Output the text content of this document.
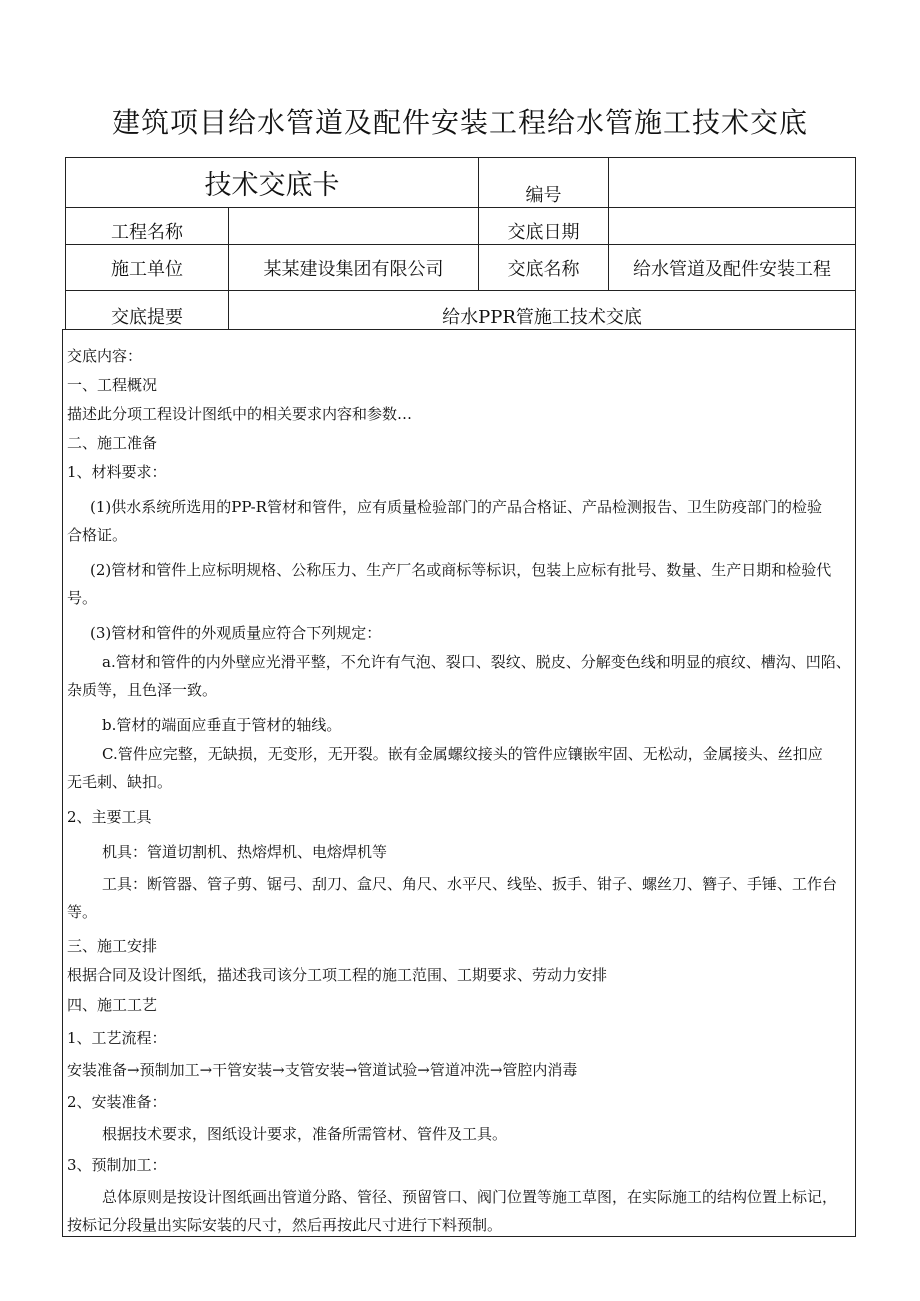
建筑项目给水管道及配件安装工程给水管施工技术交底
技术交底卡		编号	
工程名称		交底日期	
施工单位	某某建设集团有限公司	交底名称	给水管道及配件安装工程
交底提要	给水PPR管施工技术交底		
交底内容：
一、工程概况
描述此分项工程设计图纸中的相关要求内容和参数…
二、施工准备
1、材料要求：
(1)供水系统所选用的PP-R管材和管件，应有质量检验部门的产品合格证、产品检测报告、卫生防疫部门的检验
合格证。
(2)管材和管件上应标明规格、公称压力、生产厂名或商标等标识，包装上应标有批号、数量、生产日期和检验代
号。
(3)管材和管件的外观质量应符合下列规定：
a.管材和管件的内外壁应光滑平整，不允许有气泡、裂口、裂纹、脱皮、分解变色线和明显的痕纹、槽沟、凹陷、
杂质等，且色泽一致。
b.管材的端面应垂直于管材的轴线。
C.管件应完整，无缺损，无变形，无开裂。嵌有金属螺纹接头的管件应镶嵌牢固、无松动，金属接头、丝扣应
无毛刺、缺扣。
2、主要工具
机具：管道切割机、热熔焊机、电熔焊机等
工具：断管器、管子剪、锯弓、刮刀、盒尺、角尺、水平尺、线坠、扳手、钳子、螺丝刀、簪子、手锤、工作台
等。
三、施工安排
根据合同及设计图纸，描述我司该分工项工程的施工范围、工期要求、劳动力安排
四、施工工艺
1、工艺流程：
安装准备→预制加工→干管安装→支管安装→管道试验→管道冲洗→管腔内消毒
2、安装准备：
根据技术要求，图纸设计要求，准备所需管材、管件及工具。
3、预制加工：
总体原则是按设计图纸画出管道分路、管径、预留管口、阀门位置等施工草图，在实际施工的结构位置上标记，
按标记分段量出实际安装的尺寸，然后再按此尺寸进行下料预制。
